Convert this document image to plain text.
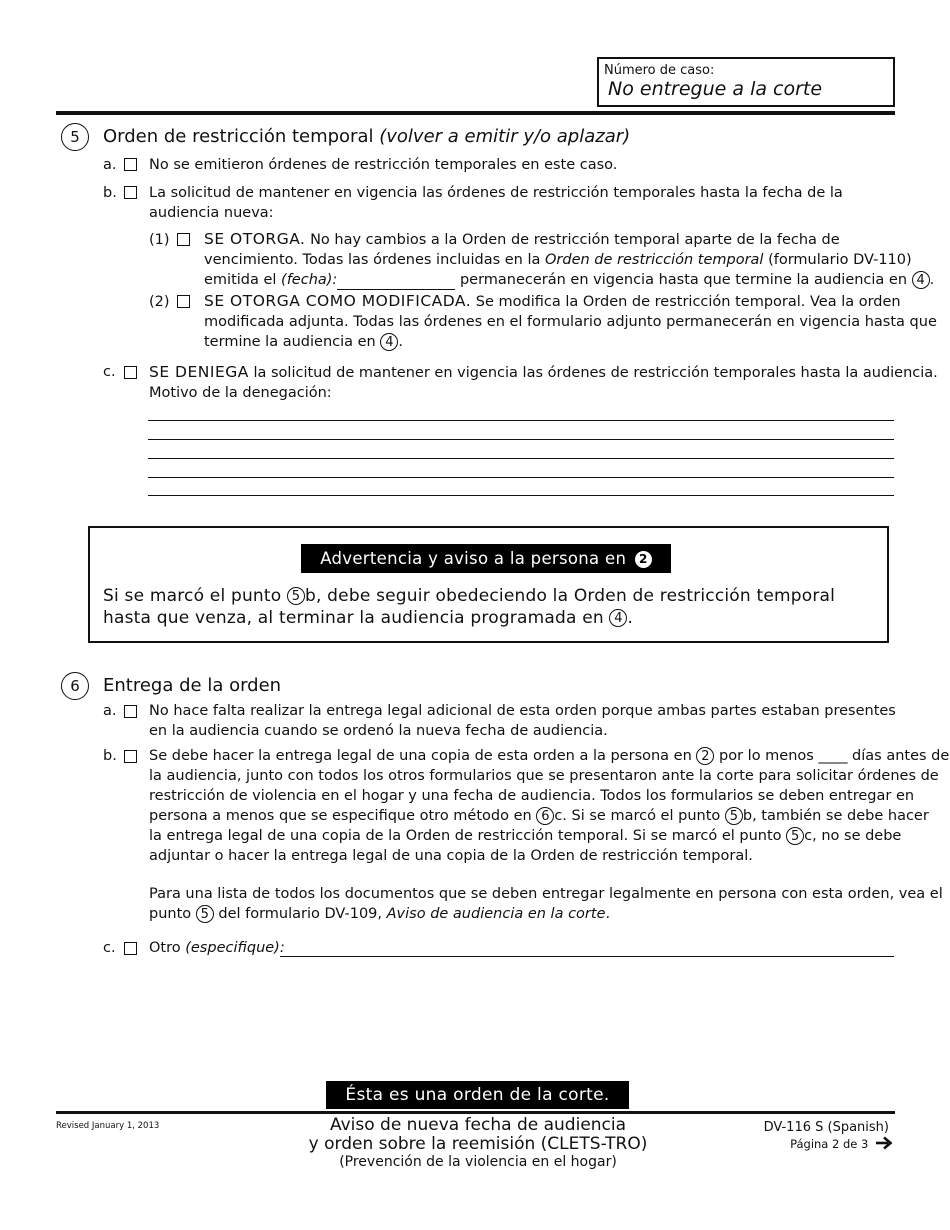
Número de caso:
No entregue a la corte
5	Orden de restricción temporal (volver a emitir y/o aplazar)
a. No se emitieron órdenes de restricción temporales en este caso.
b. La solicitud de mantener en vigencia las órdenes de restricción temporales hasta la fecha de la
audiencia nueva:
(1) SE OTORGA. No hay cambios a la Orden de restricción temporal aparte de la fecha de
vencimiento. Todas las órdenes incluidas en la Orden de restricción temporal (formulario DV-110)
emitida el (fecha):	permanecerán en vigencia hasta que termine la audiencia en 4 .
(2) SE OTORGA COMO MODIFICADA. Se modifica la Orden de restricción temporal. Vea la orden
modificada adjunta. Todas las órdenes en el formulario adjunto permanecerán en vigencia hasta que
termine la audiencia en 4 .
c. SE DENIEGA la solicitud de mantener en vigencia las órdenes de restricción temporales hasta la audiencia.
Motivo de la denegación:
Advertencia y aviso a la persona en 2
Si se marcó el punto 5 b, debe seguir obedeciendo la Orden de restricción temporal
hasta que venza, al terminar la audiencia programada en 4 .
6	Entrega de la orden
a. No hace falta realizar la entrega legal adicional de esta orden porque ambas partes estaban presentes
en la audiencia cuando se ordenó la nueva fecha de audiencia.
b. Se debe hacer la entrega legal de una copia de esta orden a la persona en 2 por lo menos ____ días antes de
la audiencia, junto con todos los otros formularios que se presentaron ante la corte para solicitar órdenes de
restricción de violencia en el hogar y una fecha de audiencia. Todos los formularios se deben entregar en
persona a menos que se especifique otro método en 6 c. Si se marcó el punto 5 b, también se debe hacer
la entrega legal de una copia de la Orden de restricción temporal. Si se marcó el punto 5 c, no se debe
adjuntar o hacer la entrega legal de una copia de la Orden de restricción temporal.
Para una lista de todos los documentos que se deben entregar legalmente en persona con esta orden, vea el
punto 5 del formulario DV-109, Aviso de audiencia en la corte.
c. Otro (especifique):
Ésta es una orden de la corte.
Revised January 1, 2013	Aviso de nueva fecha de audiencia
y orden sobre la reemisión (CLETS-TRO)
(Prevención de la violencia en el hogar)
DV-116 S (Spanish)
Página 2 de 3
